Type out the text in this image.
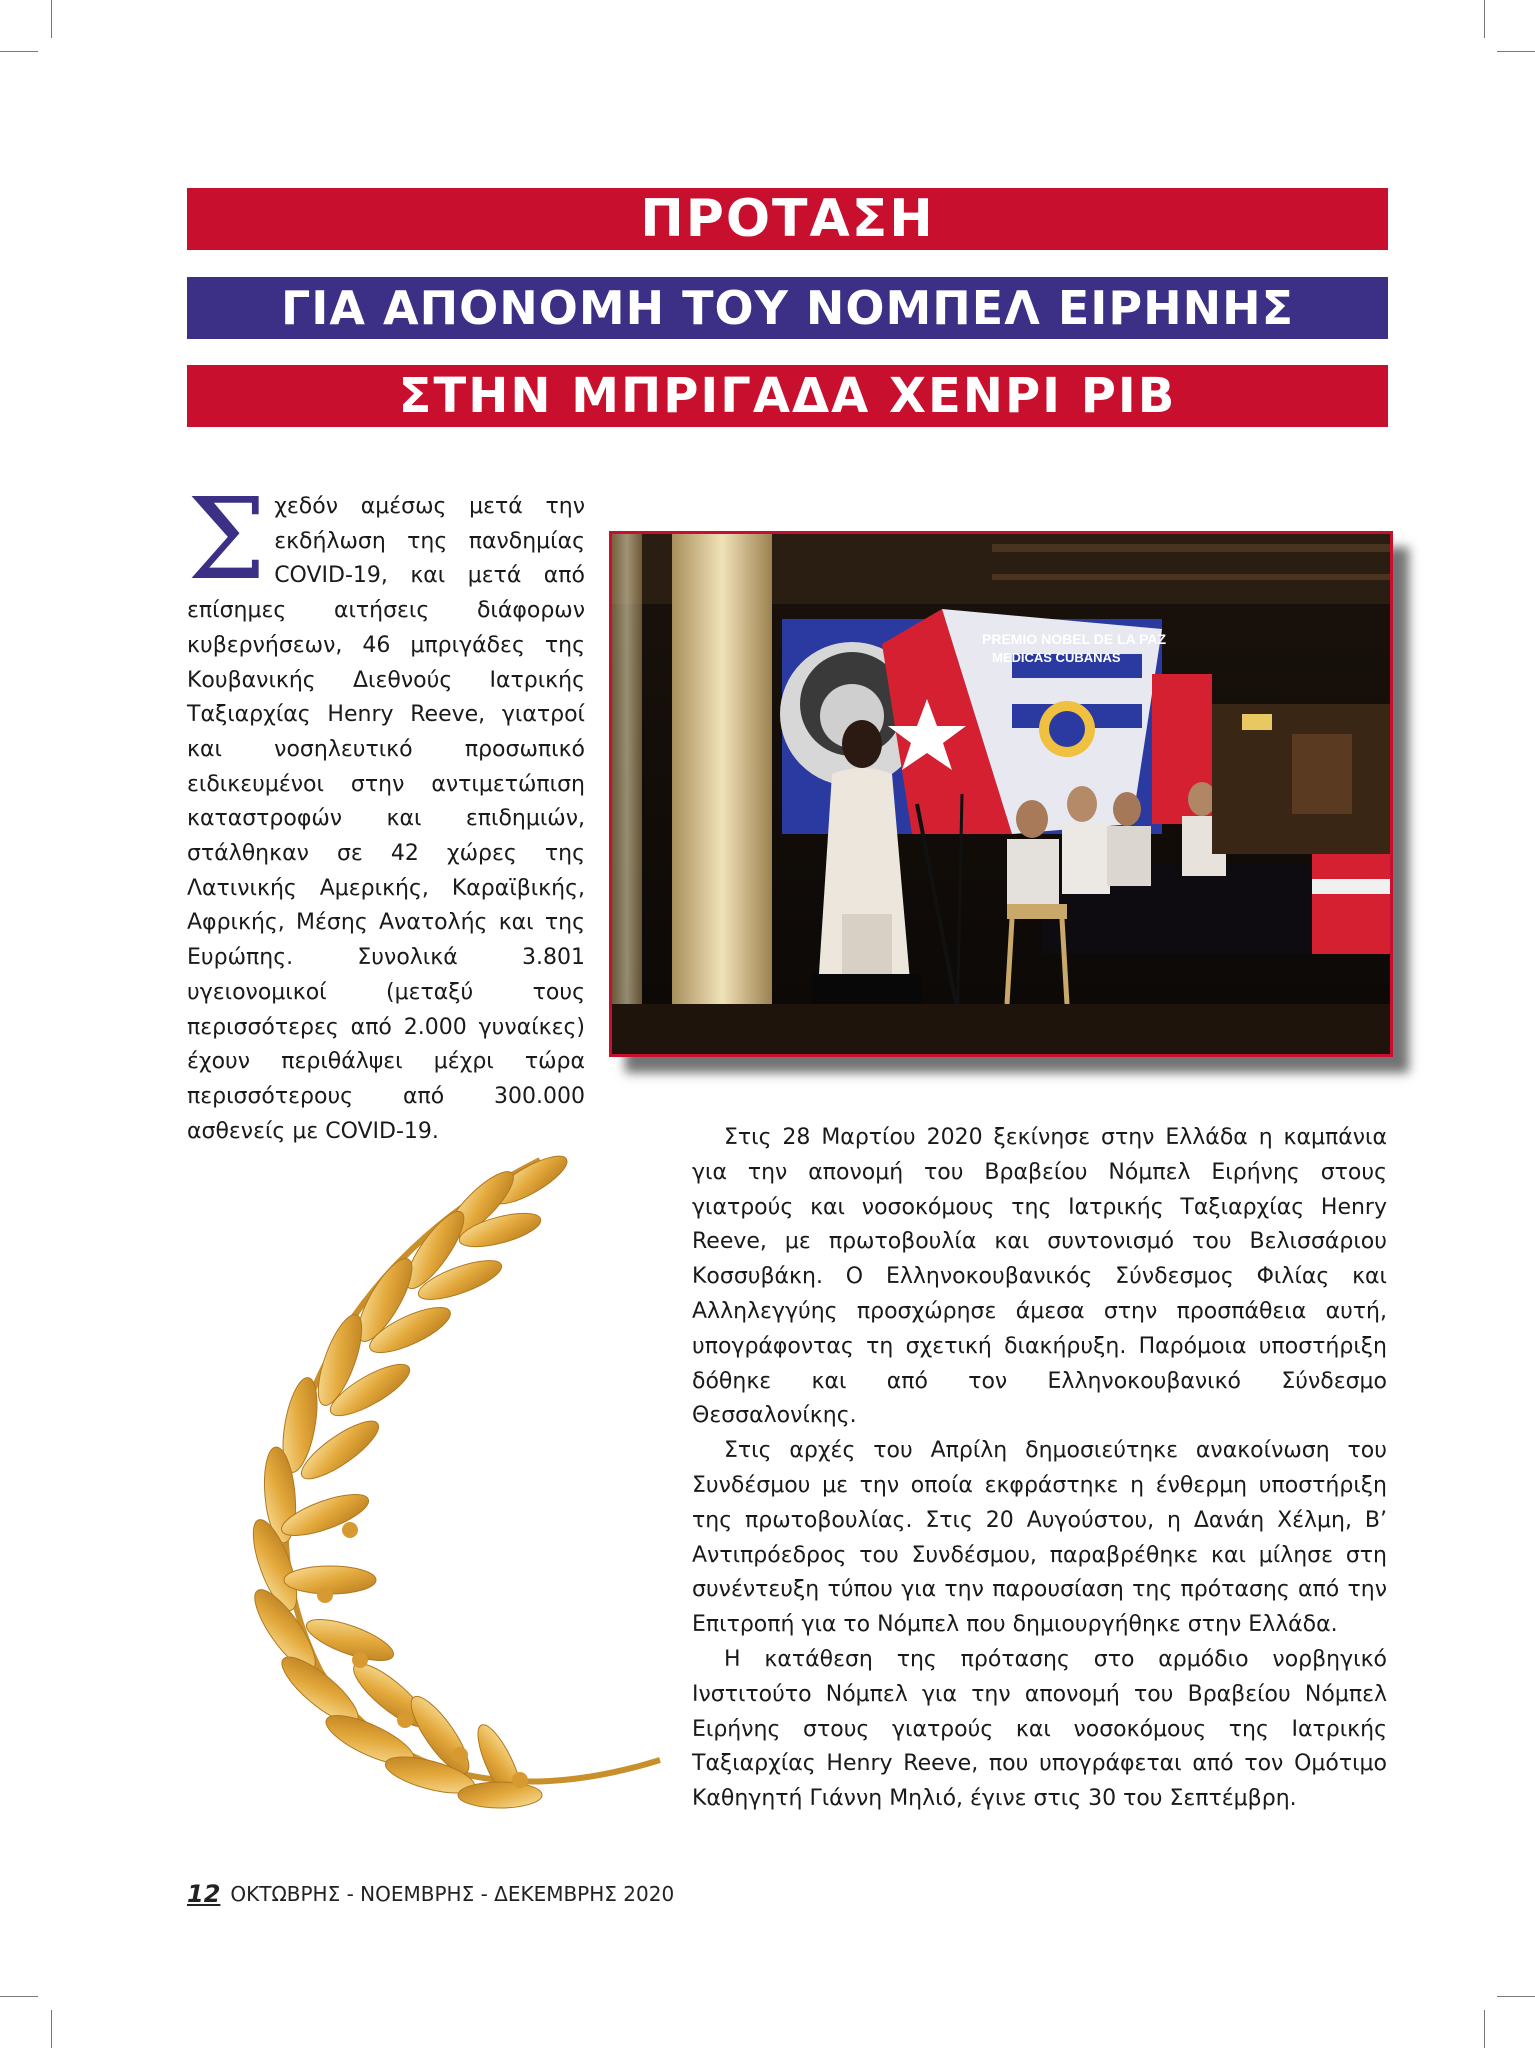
ΠΡΟΤΑΣΗ
ΓΙΑ ΑΠΟΝΟΜΗ ΤΟΥ ΝΟΜΠΕΛ ΕΙΡΗΝΗΣ
ΣΤΗΝ ΜΠΡΙΓΑΔΑ ΧΕΝΡΙ ΡΙΒ
Σ χεδόν αμέσως μετά την εκδήλωση της πανδημίας COVID-19, και μετά από επίσημες αιτήσεις διάφορων κυβερνήσεων, 46 μπριγάδες της Κουβανικής Διεθνούς Ιατρικής Ταξιαρχίας Henry Reeve, γιατροί και νοσηλευτικό προσωπικό ειδικευμένοι στην αντιμετώπιση καταστροφών και επιδημιών, στάλθηκαν σε 42 χώρες της Λατινικής Αμερικής, Καραϊβικής, Αφρικής, Μέσης Ανατολής και της Ευρώπης. Συνολικά 3.801 υγειονομικοί (μεταξύ τους περισσότερες από 2.000 γυναίκες) έχουν περιθάλψει μέχρι τώρα περισσότερους από 300.000 ασθενείς με COVID-19.

PREMIO NOBEL DE LA PAZ
MEDICAS CUBANAS

Στις 28 Μαρτίου 2020 ξεκίνησε στην Ελλάδα η καμπάνια για την απονομή του Βραβείου Νόμπελ Ειρήνης στους γιατρούς και νοσοκόμους της Ιατρικής Ταξιαρχίας Henry Reeve, με πρωτοβουλία και συντονισμό του Βελισσάριου Κοσσυβάκη. Ο Ελληνοκουβανικός Σύνδεσμος Φιλίας και Αλληλεγγύης προσχώρησε άμεσα στην προσπάθεια αυτή, υπογράφοντας τη σχετική διακήρυξη. Παρόμοια υποστήριξη δόθηκε και από τον Ελληνοκουβανικό Σύνδεσμο Θεσσαλονίκης.

Στις αρχές του Απρίλη δημοσιεύτηκε ανακοίνωση του Συνδέσμου με την οποία εκφράστηκε η ένθερμη υποστήριξη της πρωτοβουλίας. Στις 20 Αυγούστου, η Δανάη Χέλμη, Β’ Αντιπρόεδρος του Συνδέσμου, παραβρέθηκε και μίλησε στη συνέντευξη τύπου για την παρουσίαση της πρότασης από την Επιτροπή για το Νόμπελ που δημιουργήθηκε στην Ελλάδα.

Η κατάθεση της πρότασης στο αρμόδιο νορβηγικό Ινστιτούτο Νόμπελ για την απονομή του Βραβείου Νόμπελ Ειρήνης στους γιατρούς και νοσοκόμους της Ιατρικής Ταξιαρχίας Henry Reeve, που υπογράφεται από τον Ομότιμο Καθηγητή Γιάννη Μηλιό, έγινε στις 30 του Σεπτέμβρη.

12 ΟΚΤΩΒΡΗΣ - ΝΟΕΜΒΡΗΣ - ΔΕΚΕΜΒΡΗΣ 2020
